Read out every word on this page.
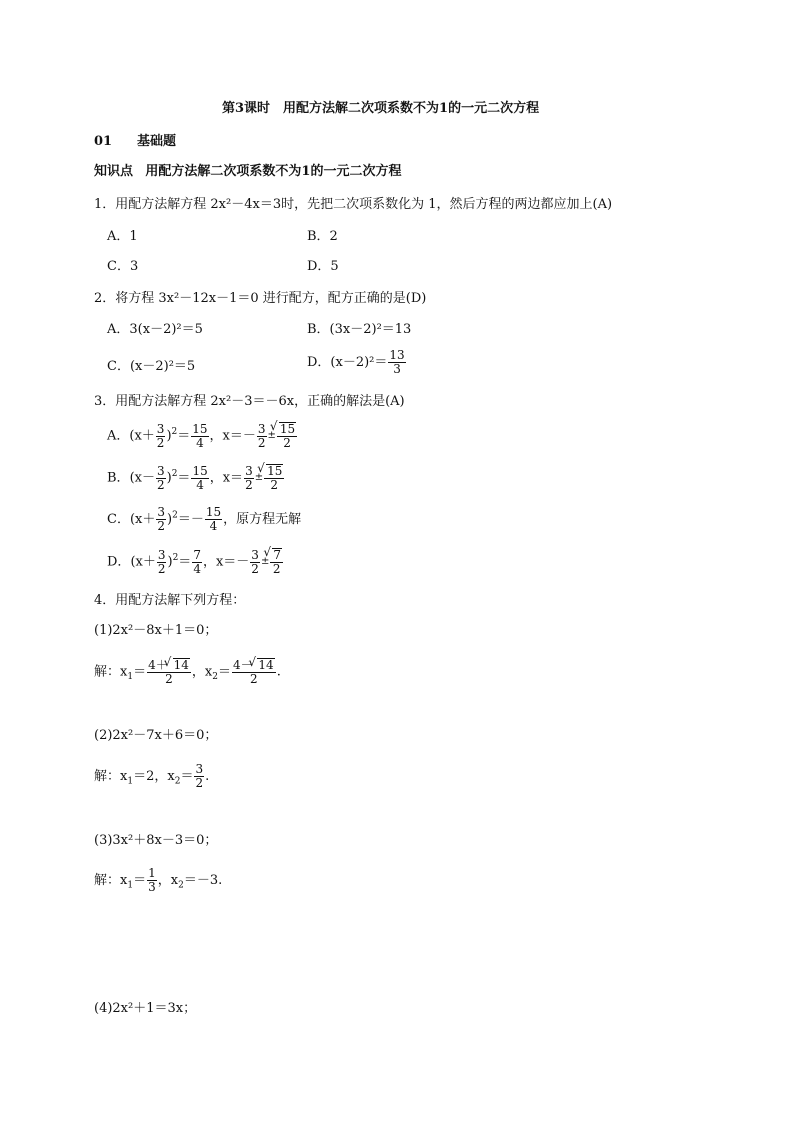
第3课时　用配方法解二次项系数不为1的一元二次方程
01 基础题
知识点 用配方法解二次项系数不为1的一元二次方程
1．用配方法解方程 2x²－4x＝3时，先把二次项系数化为 1，然后方程的两边都应加上(A)
A．1	B．2
C．3	D．5
2．将方程 3x²－12x－1＝0 进行配方，配方正确的是(D)
A．3(x－2)²＝5	B．(3x－2)²＝13
C．(x－2)²＝5	D．$(x-2)^2= \frac{13}{3}$
3．用配方法解方程 2x²－3＝－6x，正确的解法是(A)
A．$(x+ \frac{3}{2} )^2= \frac{15}{4}$ ，$x=- \frac{3}{2}$ ± √ $\frac{15}{2}$
B．$(x- \frac{3}{2} )^2= \frac{15}{4}$ ，$x= \frac{3}{2}$ ± √ $\frac{15}{2}$
C．$(x+ \frac{3}{2} )^2=- \frac{15}{4}$ ，原方程无解
D．$(x+ \frac{3}{2} )^2= \frac{7}{4}$ ，$x=- \frac{3}{2}$ ± √ $\frac{7}{2}$
4．用配方法解下列方程：
(1)2x²－8x＋1＝0；
解：$x_1= \frac{4+ √ 14}{2}$ ，$x_2= \frac{4- √ 14}{2}$ .
(2)2x²－7x＋6＝0；
解：$x_1=2$，$x_2= \frac{3}{2}$ .
(3)3x²＋8x－3＝0；
解：$x_1= \frac{1}{3}$ ，$x_2=-3$.
(4)2x²＋1＝3x；
